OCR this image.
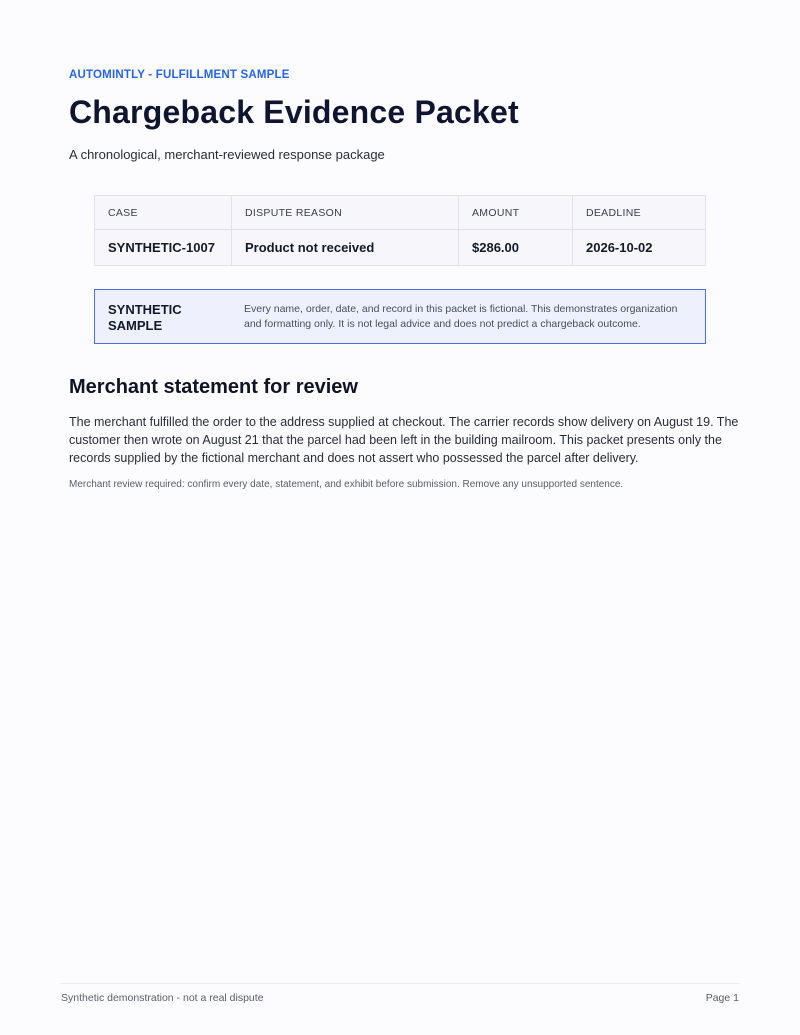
AUTOMINTLY - FULFILLMENT SAMPLE
Chargeback Evidence Packet
A chronological, merchant-reviewed response package
CASE	DISPUTE REASON	AMOUNT	DEADLINE
SYNTHETIC-1007	Product not received	$286.00	2026-10-02
SYNTHETIC SAMPLE
Every name, order, date, and record in this packet is fictional. This demonstrates organization and formatting only. It is not legal advice and does not predict a chargeback outcome.
Merchant statement for review

The merchant fulfilled the order to the address supplied at checkout. The carrier records show delivery on August 19. The customer then wrote on August 21 that the parcel had been left in the building mailroom. This packet presents only the records supplied by the fictional merchant and does not assert who possessed the parcel after delivery.

Merchant review required: confirm every date, statement, and exhibit before submission. Remove any unsupported sentence.
Synthetic demonstration - not a real dispute	Page 1
